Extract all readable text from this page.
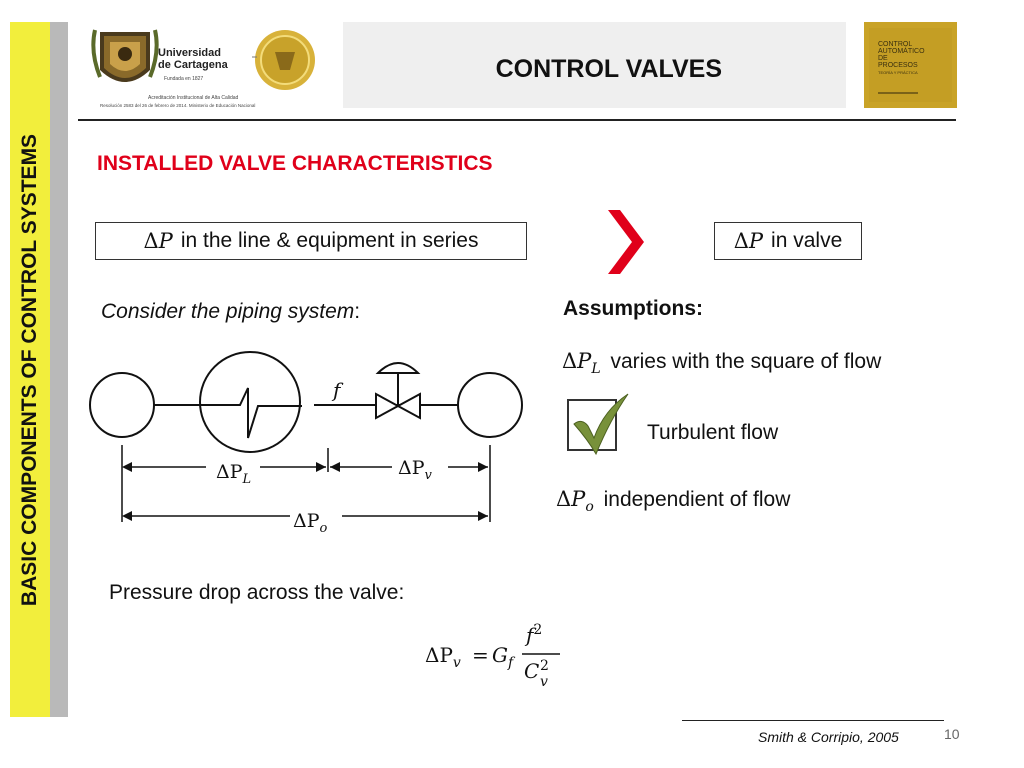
BASIC COMPONENTS OF CONTROL SYSTEMS
Universidad
de Cartagena
Fundada en 1827
Acreditación Institucional de Alta Calidad
Resolución 2583 del 26 de febrero de 2014. Ministerio de Educación Nacional
CONTROL VALVES
CONTROL
AUTOMÁTICO
DE
PROCESOS
TEORÍA Y PRÁCTICA
INSTALLED VALVE CHARACTERISTICS
Δ P in the line & equipment in series	Δ P in valve
Consider the piping system:
f
$\Delta P_L$
$\Delta P_v$
$\Delta P_o$
Assumptions:
$\Delta P_L$ varies with the square of flow
Turbulent flow
$\Delta P_o$ independient of flow
Pressure drop across the valve:
$\Delta P_v = G_f$
$f^2$
C 2
v
Smith & Corripio, 2005	10
